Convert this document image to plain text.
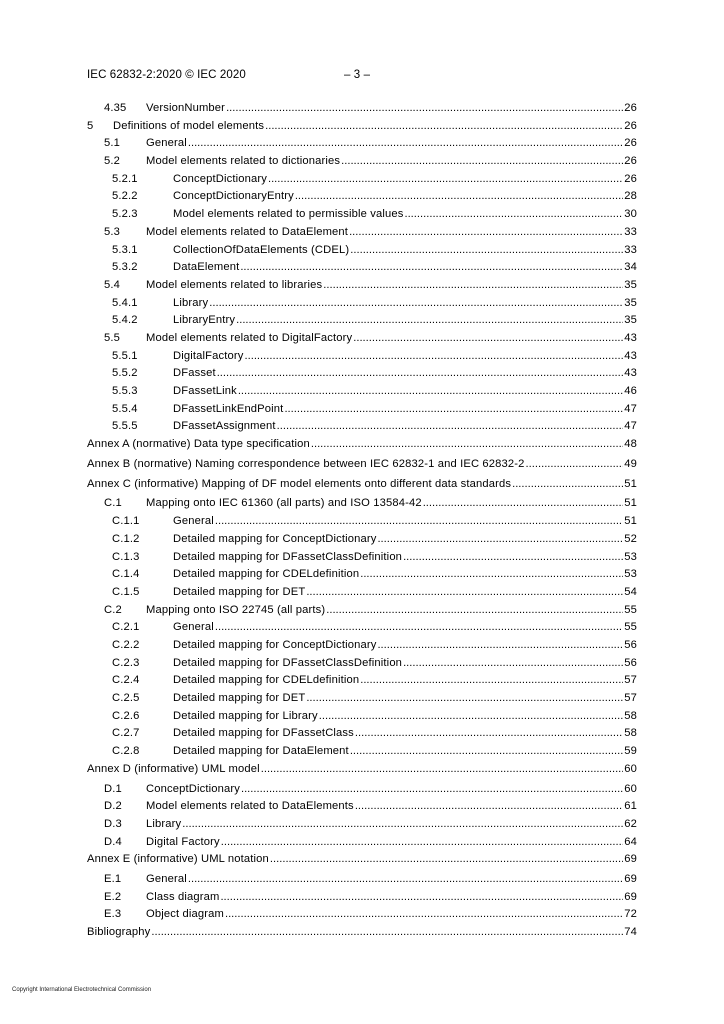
IEC 62832-2:2020 © IEC 2020	– 3 –
4.35	VersionNumber .....	26
5	Definitions of model elements .....	26
5.1	General .....	26
5.2	Model elements related to dictionaries .....	26
5.2.1	ConceptDictionary .....	26
5.2.2	ConceptDictionaryEntry .....	28
5.2.3	Model elements related to permissible values .....	30
5.3	Model elements related to DataElement .....	33
5.3.1	CollectionOfDataElements (CDEL) .....	33
5.3.2	DataElement .....	34
5.4	Model elements related to libraries .....	35
5.4.1	Library .....	35
5.4.2	LibraryEntry .....	35
5.5	Model elements related to DigitalFactory .....	43
5.5.1	DigitalFactory .....	43
5.5.2	DFasset .....	43
5.5.3	DFassetLink .....	46
5.5.4	DFassetLinkEndPoint .....	47
5.5.5	DFassetAssignment .....	47
Annex A (normative) Data type specification .....	48
Annex B (normative) Naming correspondence between IEC 62832-1 and IEC 62832-2 .....	49
Annex C (informative) Mapping of DF model elements onto different data standards .....	51
C.1	Mapping onto IEC 61360 (all parts) and ISO 13584-42 .....	51
C.1.1	General .....	51
C.1.2	Detailed mapping for ConceptDictionary .....	52
C.1.3	Detailed mapping for DFassetClassDefinition .....	53
C.1.4	Detailed mapping for CDELdefinition .....	53
C.1.5	Detailed mapping for DET .....	54
C.2	Mapping onto ISO 22745 (all parts) .....	55
C.2.1	General .....	55
C.2.2	Detailed mapping for ConceptDictionary .....	56
C.2.3	Detailed mapping for DFassetClassDefinition .....	56
C.2.4	Detailed mapping for CDELdefinition .....	57
C.2.5	Detailed mapping for DET .....	57
C.2.6	Detailed mapping for Library .....	58
C.2.7	Detailed mapping for DFassetClass .....	58
C.2.8	Detailed mapping for DataElement .....	59
Annex D (informative) UML model .....	60
D.1	ConceptDictionary .....	60
D.2	Model elements related to DataElements .....	61
D.3	Library .....	62
D.4	Digital Factory .....	64
Annex E (informative) UML notation .....	69
E.1	General .....	69
E.2	Class diagram .....	69
E.3	Object diagram .....	72
Bibliography .....	74
Copyright International Electrotechnical Commission
